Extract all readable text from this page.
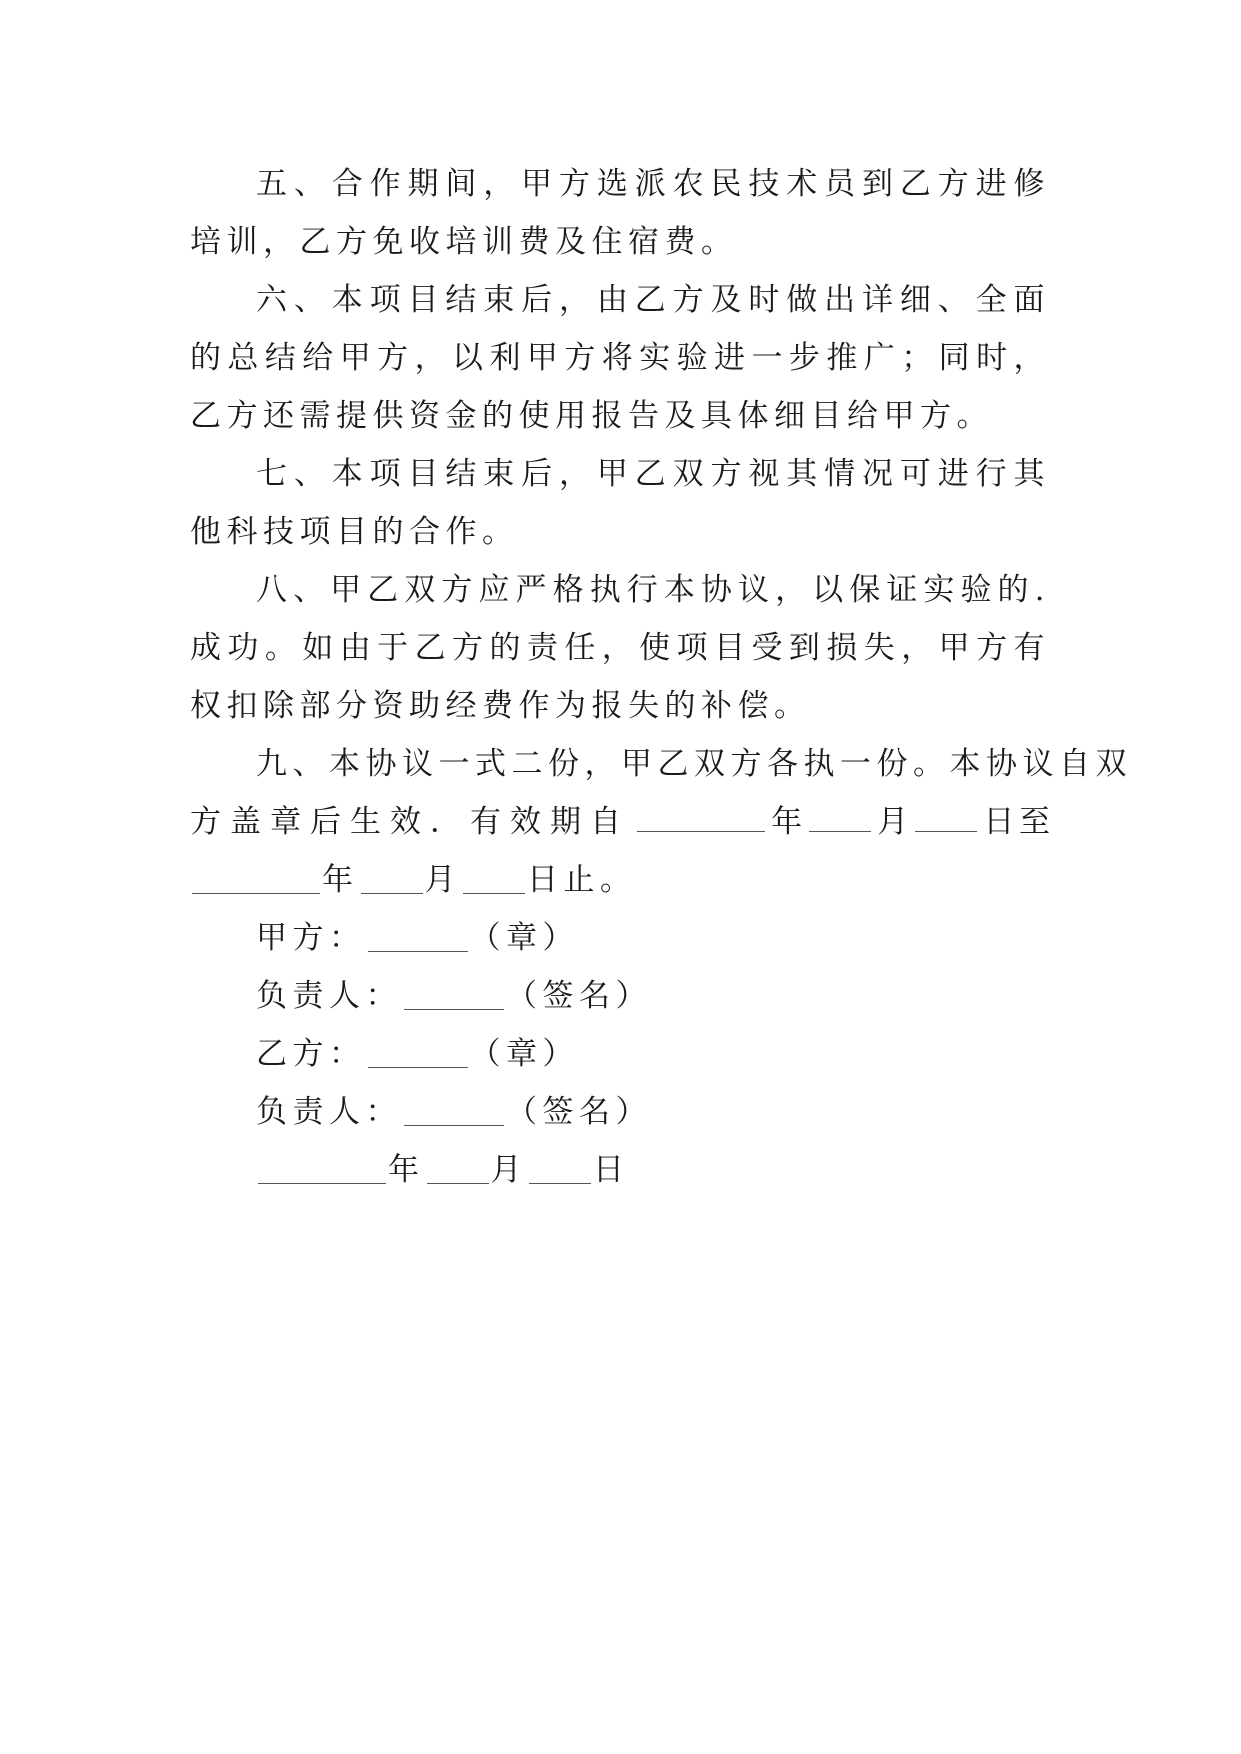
五、合作期间，甲方选派农民技术员到乙方进修培训，乙方免收培训费及住宿费。

六、本项目结束后，由乙方及时做出详细、全面的总结给甲方，以利甲方将实验进一步推广；同时，乙方还需提供资金的使用报告及具体细目给甲方。

七、本项目结束后，甲乙双方视其情况可进行其他科技项目的合作。

八、甲乙双方应严格执行本协议，以保证实验的.成功。如由于乙方的责任，使项目受到损失，甲方有权扣除部分资助经费作为报失的补偿。

九、本协议一式二份，甲乙双方各执一份。本协议自双

方盖章后生效．有效期自	年 月 日 至

年 月 日止。

甲方：	（章）

负责人：	（签名）

乙方：	（章）

负责人：	（签名）

年 月 日
